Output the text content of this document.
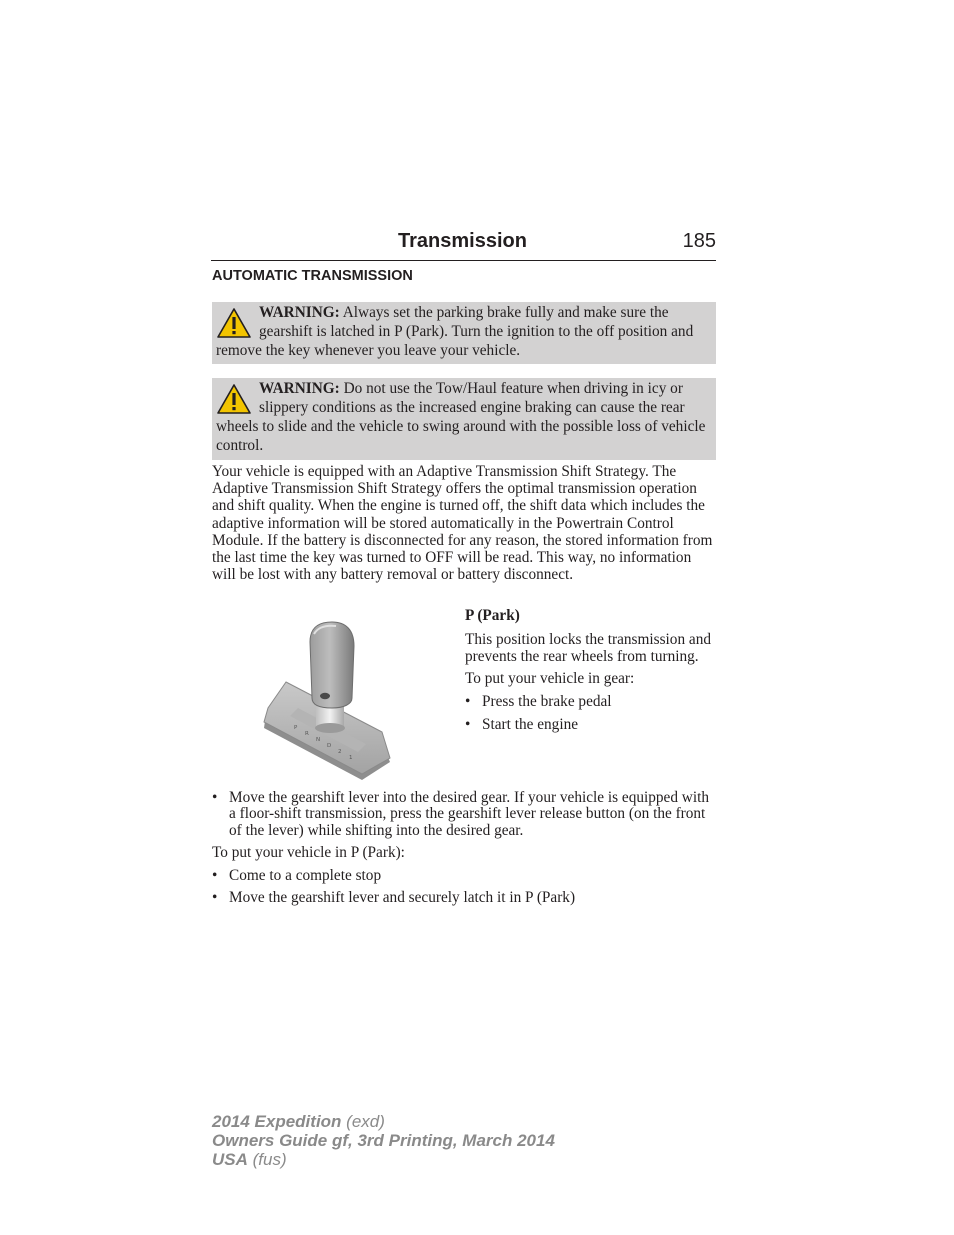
Transmission	185
AUTOMATIC TRANSMISSION
WARNING: Always set the parking brake fully and make sure the gearshift is latched in P (Park). Turn the ignition to the off position and remove the key whenever you leave your vehicle.
WARNING: Do not use the Tow/Haul feature when driving in icy or slippery conditions as the increased engine braking can cause the rear wheels to slide and the vehicle to swing around with the possible loss of vehicle control.

Your vehicle is equipped with an Adaptive Transmission Shift Strategy. The Adaptive Transmission Shift Strategy offers the optimal transmission operation and shift quality. When the engine is turned off, the shift data which includes the adaptive information will be stored automatically in the Powertrain Control Module. If the battery is disconnected for any reason, the stored information from the last time the key was turned to OFF will be read. This way, no information will be lost with any battery removal or battery disconnect.

P
R
N
D
2
1

P (Park)

This position locks the transmission and prevents the rear wheels from turning.

To put your vehicle in gear:

• Press the brake pedal
• Start the engine
• Move the gearshift lever into the desired gear. If your vehicle is equipped with a floor-shift transmission, press the gearshift lever release button (on the front of the lever) while shifting into the desired gear.

To put your vehicle in P (Park):

• Come to a complete stop
• Move the gearshift lever and securely latch it in P (Park)
2014 Expedition (exd)
Owners Guide gf, 3rd Printing, March 2014
USA (fus)
